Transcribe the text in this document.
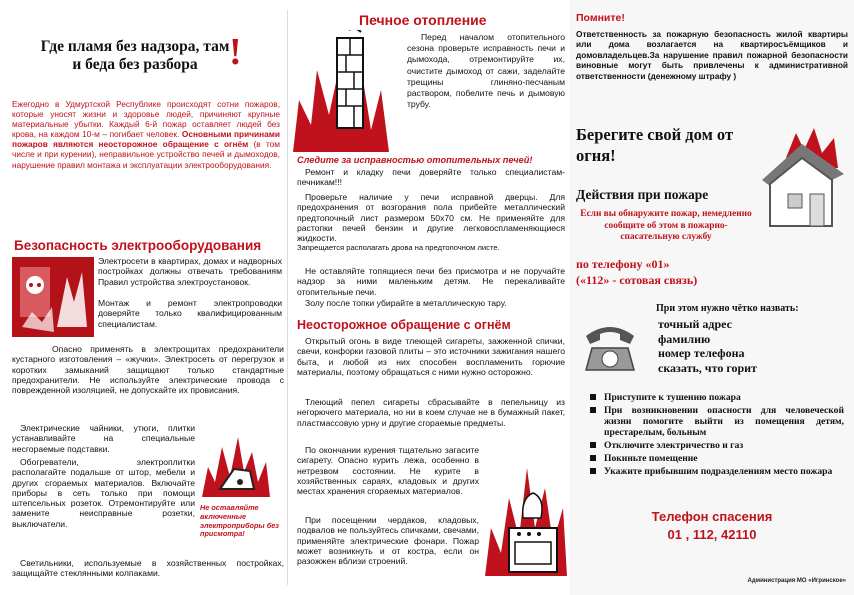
Где пламя без надзора, там и беда без разбора !
Ежегодно в Удмуртской Республике происходят сотни пожаров, которые уносят жизни и здоровье людей, причиняют крупные материальные убытки. Каждый 6-й пожар оставляет людей без крова, на каждом 10-м – погибает человек. Основными причинами пожаров являются неосторожное обращение с огнём (в том числе и при курении), неправильное устройство печей и дымоходов, нарушение правил монтажа и эксплуатации электрооборудования.
Безопасность электрооборудования
Электросети в квартирах, домах и надворных постройках должны отвечать требованиям Правил устройства электроустановок.
Монтаж и ремонт электропроводки доверяйте только квалифицированным специалистам.
Опасно применять в электрощитах предохранители кустарного изготовления – «жучки». Электросеть от перегрузок и коротких замыканий защищают только стандартные предохранители. Не используйте электрические провода с поврежденной изоляцией, не допускайте их провисания.
Электрические чайники, утюги, плитки устанавливайте на специальные несгораемые подставки.
Обогреватели, электроплитки располагайте подальше от штор, мебели и других сгораемых материалов. Включайте приборы в сеть только при помощи штепсельных розеток. Отремонтируйте или замените неисправные розетки, выключатели.
Светильники, используемые в хозяйственных постройках, защищайте стеклянными колпаками.
Не оставляйте включенные электроприборы без присмотра!
Печное отопление
Перед началом отопительного сезона проверьте исправность печи и дымохода, отремонтируйте их, очистите дымоход от сажи, заделайте трещины глиняно-песчаным раствором, побелите печь и дымовую трубу.
Следите за исправностью отопительных печей!
Ремонт и кладку печи доверяйте только специалистам-печникам!!!
Проверьте наличие у печи исправной дверцы. Для предохранения от возгорания пола прибейте металлический предтопочный лист размером 50х70 см. Не применяйте для растопки печей бензин и другие легковоспламеняющиеся жидкости.
Запрещается располагать дрова на предтопочном листе.
Не оставляйте топящиеся печи без присмотра и не поручайте надзор за ними маленьким детям. Не перекаливайте отопительные печи.
Золу после топки убирайте в металлическую тару.
Неосторожное обращение с огнём
Открытый огонь в виде тлеющей сигареты, зажженной спички, свечи, конфорки газовой плиты – это источники зажигания нашего быта, и любой из них способен воспламенить горючие материалы, поэтому обращаться с ними нужно осторожно.
Тлеющий пепел сигареты сбрасывайте в пепельницу из негорючего материала, но ни в коем случае не в бумажный пакет, пластмассовую урну и другие сгораемые предметы.
По окончании курения тщательно загасите сигарету. Опасно курить лежа, особенно в нетрезвом состоянии. Не курите в хозяйственных сараях, кладовых и других местах хранения сгораемых материалов.
При посещении чердаков, кладовых, подвалов не пользуйтесь спичками, свечами, применяйте электрические фонари. Пожар может возникнуть и от костра, если он разожжен вблизи строений.
Помните!
Ответственность за пожарную безопасность жилой квартиры или дома возлагается на квартиросъёмщиков и домовладельцев.За нарушение правил пожарной безопасности виновные могут быть привлечены к административной ответственности (денежному штрафу )
Берегите свой дом от огня!
Действия при пожаре
Если вы обнаружите пожар, немедленно сообщите об этом в пожарно-спасательную службу
по телефону «01»
(«112» - сотовая связь)
При этом нужно чётко назвать:
точный адрес
фамилию
номер телефона
сказать, что горит
Приступите к тушению пожара
При возникновении опасности для человеческой жизни помогите выйти из помещения детям, престарелым, больным
Отключите электричество и газ
Покиньте помещение
Укажите прибывшим подразделениям место пожара
Телефон спасения
01 , 112, 42110
Администрация МО «Игринское»
